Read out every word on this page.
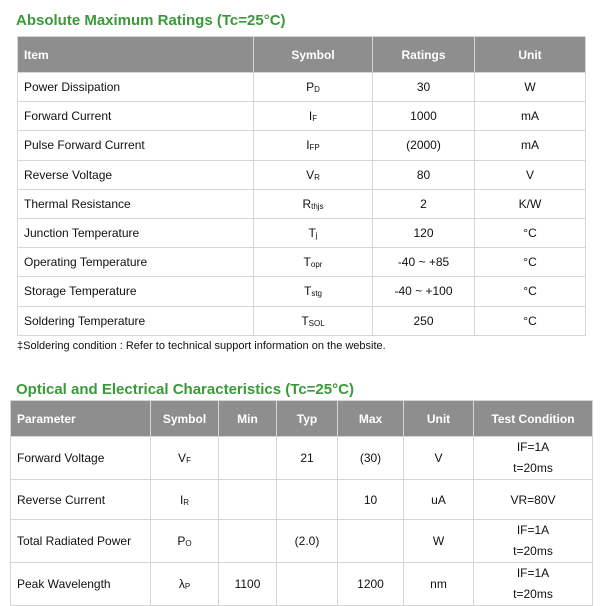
Absolute Maximum Ratings (Tc=25°C)
Item	Symbol	Ratings	Unit
Power Dissipation	PD	30	W
Forward Current	IF	1000	mA
Pulse Forward Current	IFP	(2000)	mA
Reverse Voltage	VR	80	V
Thermal Resistance	Rthjs	2	K/W
Junction Temperature	Tj	120	°C
Operating Temperature	Topr	-40 ~ +85	°C
Storage Temperature	Tstg	-40 ~ +100	°C
Soldering Temperature	TSOL	250	°C
‡Soldering condition : Refer to technical support information on the website.
Optical and Electrical Characteristics (Tc=25°C)
Parameter	Symbol	Min	Typ	Max	Unit	Test Condition
Forward Voltage	VF		21	(30)	V	IF=1A
t=20ms

Reverse Current	IR			10	uA	VR=80V
Total Radiated Power	PO		(2.0)		W	IF=1A
t=20ms

Peak Wavelength	λP	1100		1200	nm	IF=1A
t=20ms
